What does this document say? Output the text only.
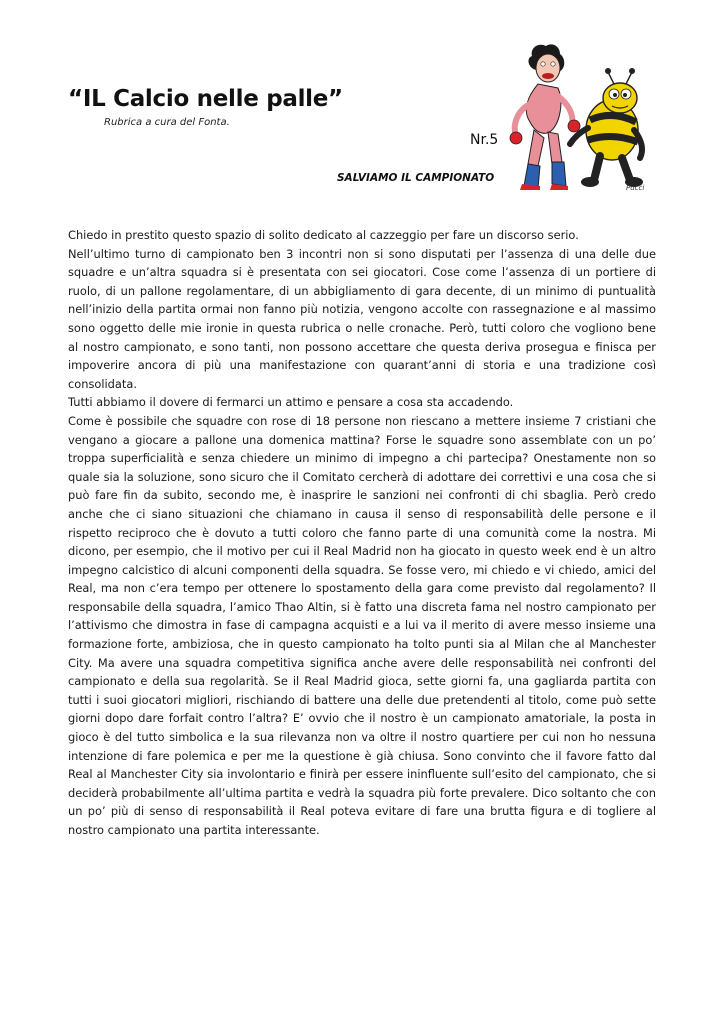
“IL Calcio nelle palle”
Rubrica a cura del Fonta.
Nr.5
SALVIAMO IL CAMPIONATO
Pucci

Chiedo in prestito questo spazio di solito dedicato al cazzeggio per fare un discorso serio.

Nell’ultimo turno di campionato ben 3 incontri non si sono disputati per l’assenza di una delle due squadre e un’altra squadra si è presentata con sei giocatori. Cose come l’assenza di un portiere di ruolo, di un pallone regolamentare, di un abbigliamento di gara decente, di un minimo di puntualità nell’inizio della partita ormai non fanno più notizia, vengono accolte con rassegnazione e al massimo sono oggetto delle mie ironie in questa rubrica o nelle cronache. Però, tutti coloro che vogliono bene al nostro campionato, e sono tanti, non possono accettare che questa deriva prosegua e finisca per impoverire ancora di più una manifestazione con quarant’anni di storia e una tradizione così consolidata.

Tutti abbiamo il dovere di fermarci un attimo e pensare a cosa sta accadendo.

Come è possibile che squadre con rose di 18 persone non riescano a mettere insieme 7 cristiani che vengano a giocare a pallone una domenica mattina? Forse le squadre sono assemblate con un po’ troppa superficialità e senza chiedere un minimo di impegno a chi partecipa? Onestamente non so quale sia la soluzione, sono sicuro che il Comitato cercherà di adottare dei correttivi e una cosa che si può fare fin da subito, secondo me, è inasprire le sanzioni nei confronti di chi sbaglia. Però credo anche che ci siano situazioni che chiamano in causa il senso di responsabilità delle persone e il rispetto reciproco che è dovuto a tutti coloro che fanno parte di una comunità come la nostra. Mi dicono, per esempio, che il motivo per cui il Real Madrid non ha giocato in questo week end è un altro impegno calcistico di alcuni componenti della squadra. Se fosse vero, mi chiedo e vi chiedo, amici del Real, ma non c’era tempo per ottenere lo spostamento della gara come previsto dal regolamento? Il responsabile della squadra, l’amico Thao Altin, si è fatto una discreta fama nel nostro campionato per l’attivismo che dimostra in fase di campagna acquisti e a lui va il merito di avere messo insieme una formazione forte, ambiziosa, che in questo campionato ha tolto punti sia al Milan che al Manchester City. Ma avere una squadra competitiva significa anche avere delle responsabilità nei confronti del campionato e della sua regolarità. Se il Real Madrid gioca, sette giorni fa, una gagliarda partita con tutti i suoi giocatori migliori, rischiando di battere una delle due pretendenti al titolo, come può sette giorni dopo dare forfait contro l’altra? E’ ovvio che il nostro è un campionato amatoriale, la posta in gioco è del tutto simbolica e la sua rilevanza non va oltre il nostro quartiere per cui non ho nessuna intenzione di fare polemica e per me la questione è già chiusa. Sono convinto che il favore fatto dal Real al Manchester City sia involontario e finirà per essere ininfluente sull’esito del campionato, che si deciderà probabilmente all’ultima partita e vedrà la squadra più forte prevalere. Dico soltanto che con un po’ più di senso di responsabilità il Real poteva evitare di fare una brutta figura e di togliere al nostro campionato una partita interessante.
